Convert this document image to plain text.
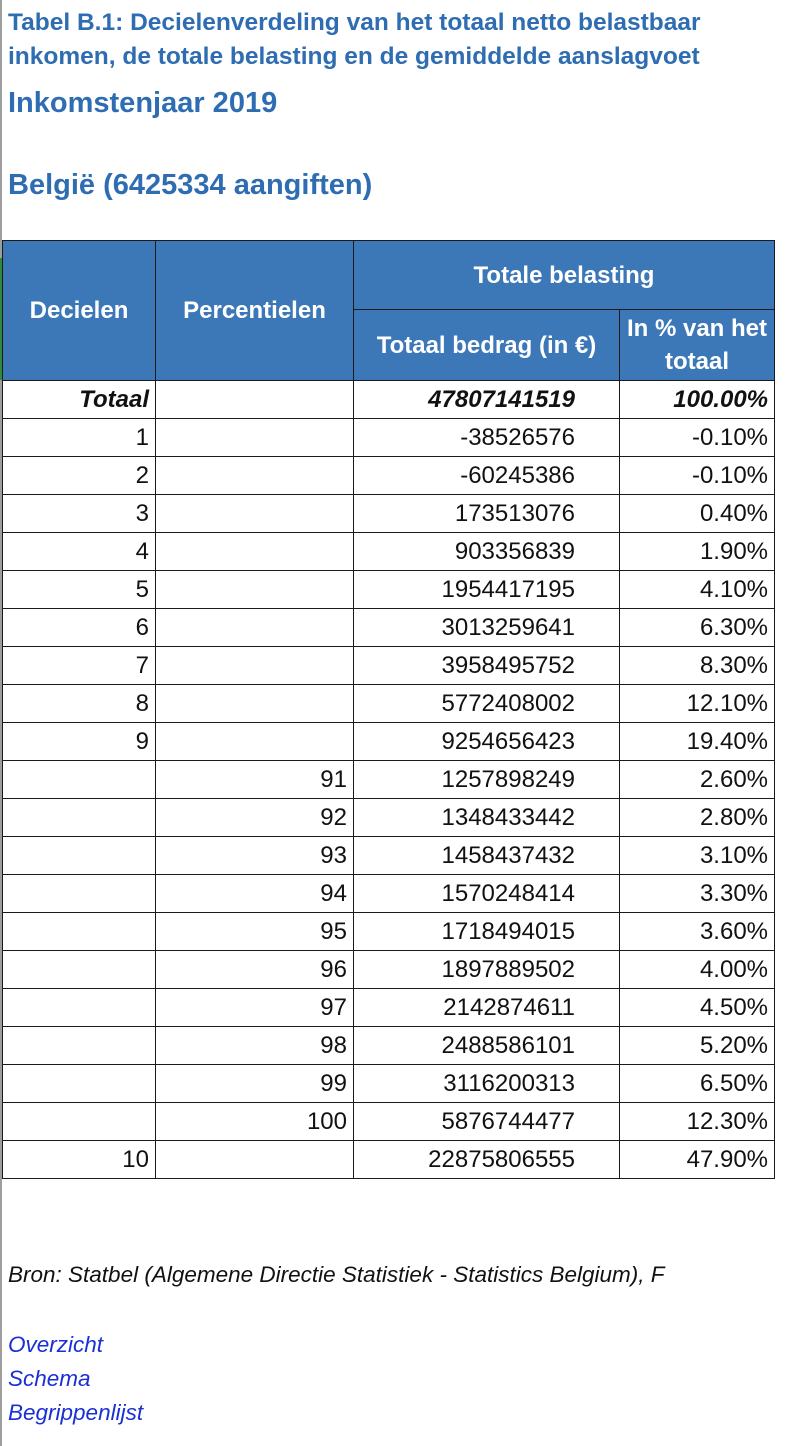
Tabel B.1: Decielenverdeling van het totaal netto belastbaar
inkomen, de totale belasting en de gemiddelde aanslagvoet

Inkomstenjaar 2019
België (6425334 aangiften)
Decielen	Percentielen	Totale belasting	
		Totaal bedrag (in €)	In % van het totaal
Totaal		47807141519	100.00%
1		-38526576	-0.10%
2		-60245386	-0.10%
3		173513076	0.40%
4		903356839	1.90%
5		1954417195	4.10%
6		3013259641	6.30%
7		3958495752	8.30%
8		5772408002	12.10%
9		9254656423	19.40%
	91	1257898249	2.60%
	92	1348433442	2.80%
	93	1458437432	3.10%
	94	1570248414	3.30%
	95	1718494015	3.60%
	96	1897889502	4.00%
	97	2142874611	4.50%
	98	2488586101	5.20%
	99	3116200313	6.50%
	100	5876744477	12.30%
10		22875806555	47.90%
Bron: Statbel (Algemene Directie Statistiek - Statistics Belgium), F
Overzicht
Schema
Begrippenlijst
